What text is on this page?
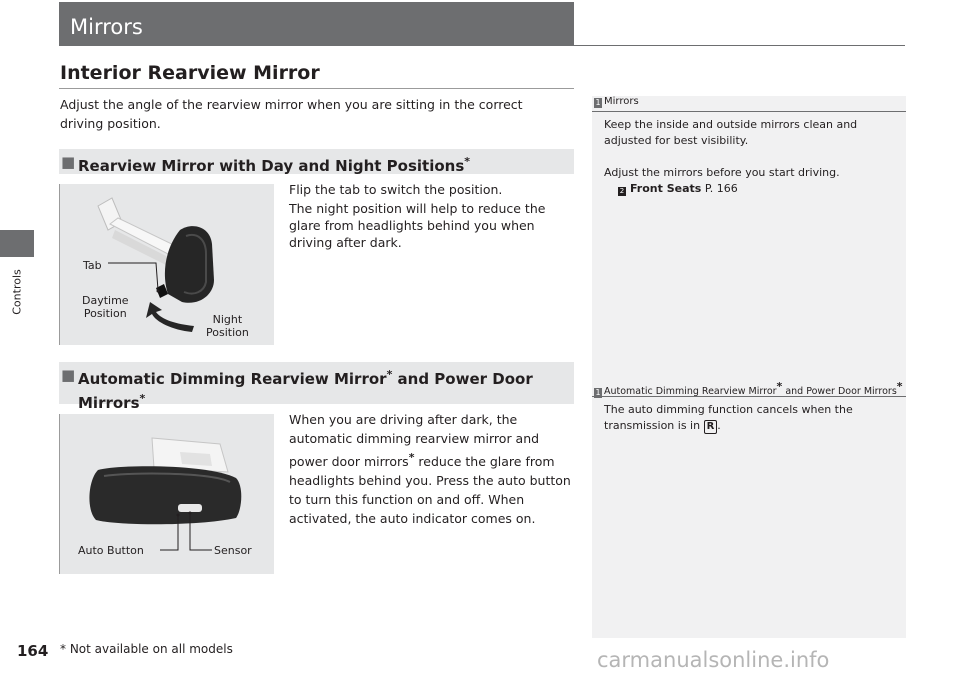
Controls
Mirrors
Interior Rearview Mirror
Adjust the angle of the rearview mirror when you are sitting in the correct driving position.
■ Rearview Mirror with Day and Night Positions*
Tab
Daytime
Position	Night
Position
Flip the tab to switch the position.
The night position will help to reduce the glare from headlights behind you when driving after dark.
■ Automatic Dimming Rearview Mirror* and Power Door
Mirrors*
Auto Button	Sensor
When you are driving after dark, the automatic dimming rearview mirror and power door mirrors* reduce the glare from headlights behind you. Press the auto button to turn this function on and off. When activated, the auto indicator comes on.
1 Mirrors
Keep the inside and outside mirrors clean and adjusted for best visibility.
Adjust the mirrors before you start driving.
2 Front Seats P. 166
1 Automatic Dimming Rearview Mirror* and Power Door Mirrors*
The auto dimming function cancels when the transmission is in R .
164 * Not available on all models	carmanualsonline.info
